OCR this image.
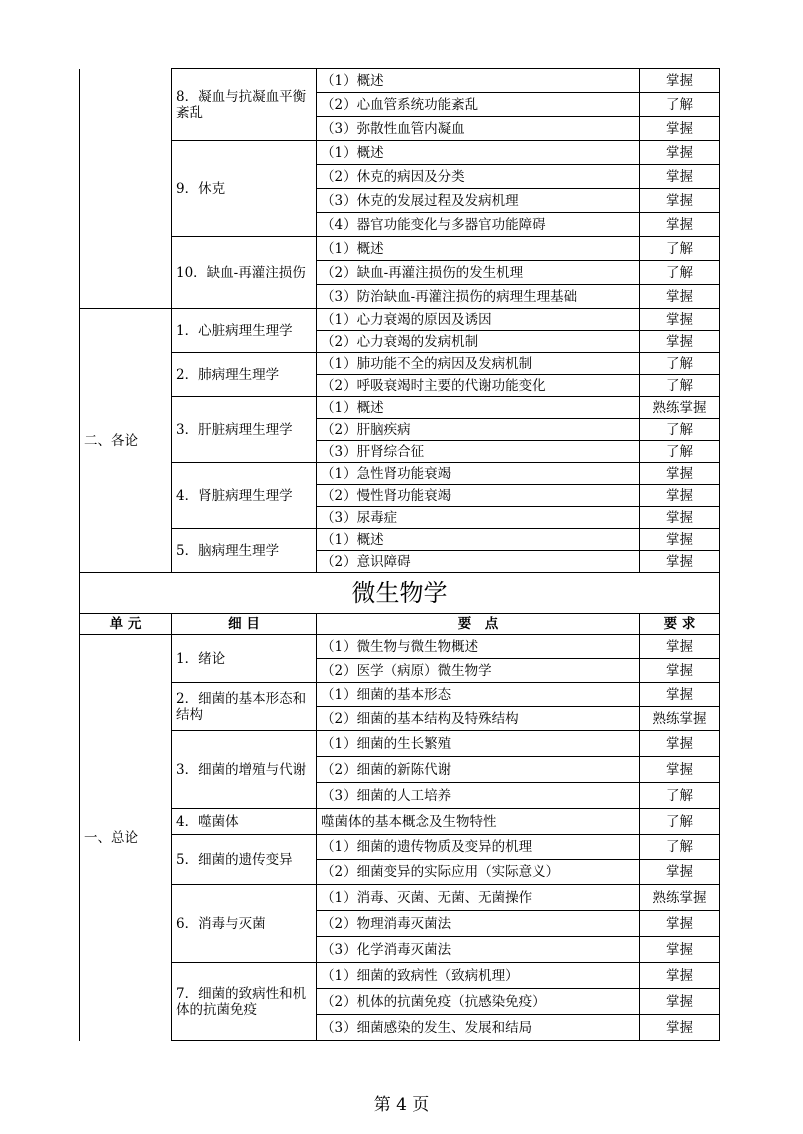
	8．凝血与抗凝血平衡紊乱	（1）概述	掌握
		（2）心血管系统功能紊乱	了解
		（3）弥散性血管内凝血	掌握
	9．休克	（1）概述	掌握
		（2）休克的病因及分类	掌握
		（3）休克的发展过程及发病机理	掌握
		（4）器官功能变化与多器官功能障碍	掌握
	10．缺血-再灌注损伤	（1）概述	了解
		（2）缺血-再灌注损伤的发生机理	了解
		（3）防治缺血-再灌注损伤的病理生理基础	掌握
二、各论	1．心脏病理生理学	（1）心力衰竭的原因及诱因	掌握
		（2）心力衰竭的发病机制	掌握
	2．肺病理生理学	（1）肺功能不全的病因及发病机制	了解
		（2）呼吸衰竭时主要的代谢功能变化	了解
	3．肝脏病理生理学	（1）概述	熟练掌握
		（2）肝脑疾病	了解
		（3）肝肾综合征	了解
	4．肾脏病理生理学	（1）急性肾功能衰竭	掌握
		（2）慢性肾功能衰竭	掌握
		（3）尿毒症	掌握
	5．脑病理生理学	（1）概述	掌握
		（2）意识障碍	掌握
微生物学			
单 元	细 目	要　点	要 求
一、总论	1．绪论	（1）微生物与微生物概述	掌握
		（2）医学（病原）微生物学	掌握
	2．细菌的基本形态和结构	（1）细菌的基本形态	掌握
		（2）细菌的基本结构及特殊结构	熟练掌握
	3．细菌的增殖与代谢	（1）细菌的生长繁殖	掌握
		（2）细菌的新陈代谢	掌握
		（3）细菌的人工培养	了解
	4．噬菌体	噬菌体的基本概念及生物特性	了解
	5．细菌的遗传变异	（1）细菌的遗传物质及变异的机理	了解
		（2）细菌变异的实际应用（实际意义）	掌握
	6．消毒与灭菌	（1）消毒、灭菌、无菌、无菌操作	熟练掌握
		（2）物理消毒灭菌法	掌握
		（3）化学消毒灭菌法	掌握
	7．细菌的致病性和机体的抗菌免疫	（1）细菌的致病性（致病机理）	掌握
		（2）机体的抗菌免疫（抗感染免疫）	掌握
		（3）细菌感染的发生、发展和结局	掌握
第 4 页
